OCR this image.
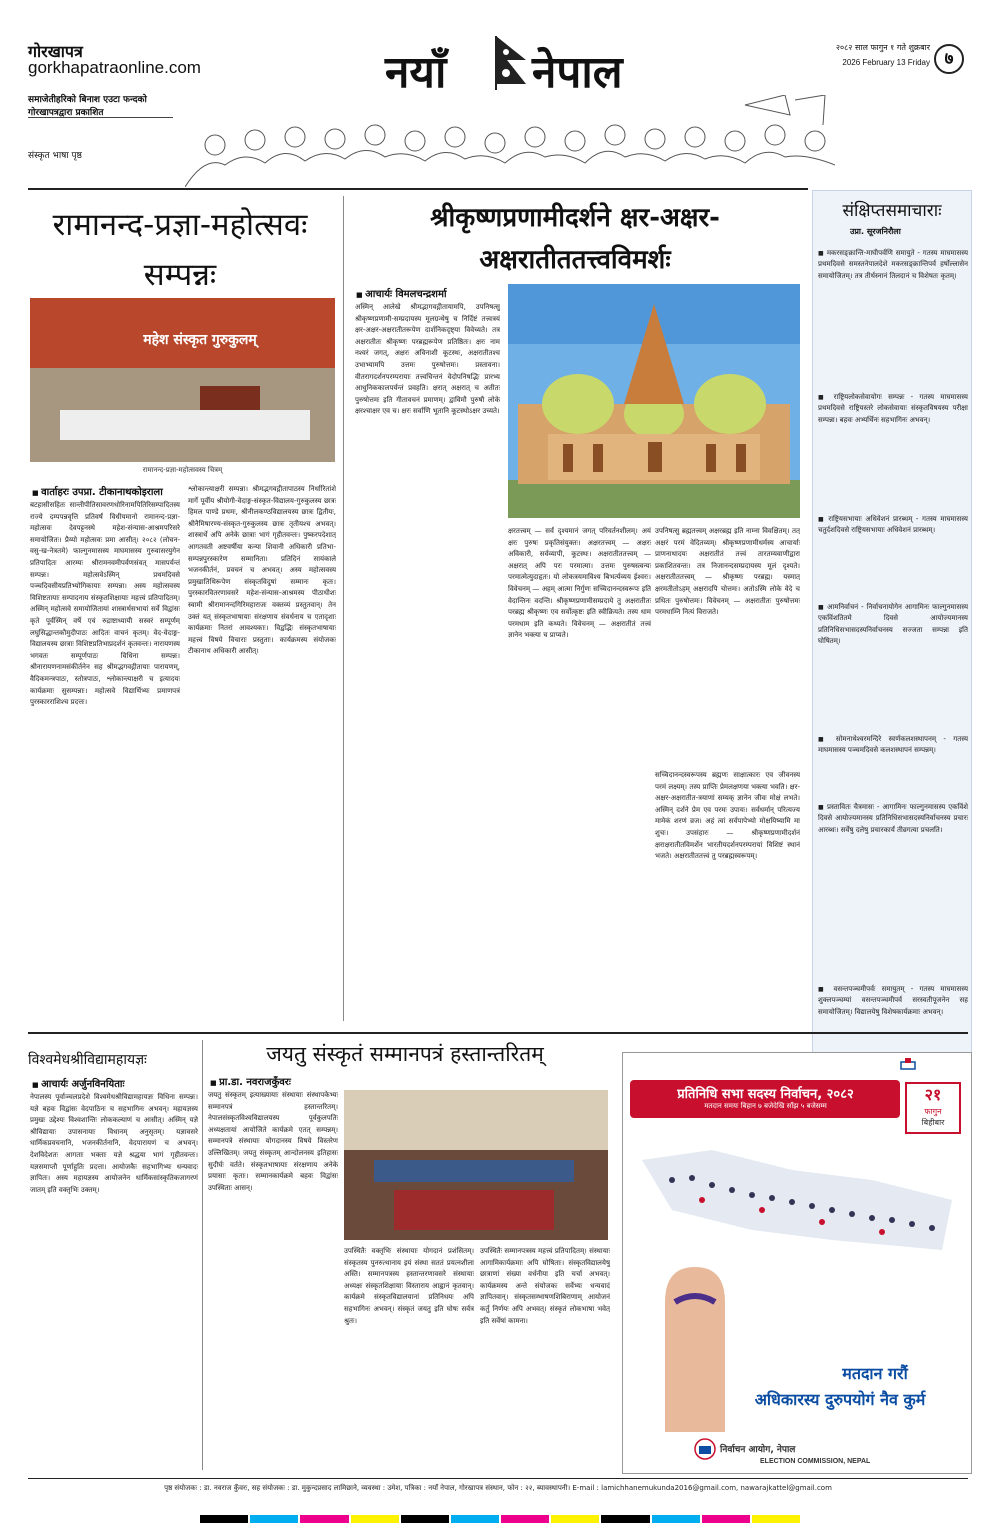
गोरखापत्र
gorkhapatraonline.com
समाजेतीहरिको बिनाश एउटा फन्दको गोरखापत्रद्वारा प्रकाशित
संस्कृत भाषा पृष्ठ
नयाँ नेपाल	२०८२ साल फागुन १ गते शुक्रबार
2026 February 13 Friday ७
रामानन्द-प्रज्ञा-महोत्सवः सम्पन्नः
महेश संस्कृत गुरुकुलम्
रामानन्द-प्रज्ञा-महोत्सवस्य चित्रम्
■ वार्ताहरः उपप्रा. टीकानाथकोइराला
बटहासीसहितः सान्तीपीतिसावरणधोरिनामपितिरिसम्पादितस्य राज्ये दम्पपन्नवृत्ति प्रतिवर्षं विधीयमानो रामानन्द-प्रज्ञा-महोत्सवः देवपट्टनस्थे महेश-संन्यास-आश्रमपरिसरे समायोजितः। प्रैय्यो महोत्सवः प्रमा आसीत्। २०८२ (लोचन-वसु-ख-नेत्रतमे) फाल्गुनमासस्य माघमासस्य गुरुवासरयुगेन प्रतिपादितः आरम्यः श्रीरामनवमीपर्वणसंवत् मासपर्यन्तं सम्पन्नः। महोत्सवेऽस्मिन् प्रथमदिवसे पञ्चदिवसीयप्रतिभ्योगिकायाः सम्पन्ना। अस्य महोत्सवस्य विशिष्टतायाः सम्पादनाय संस्कृतशिक्षायाः महत्त्वं प्रतिपादितम्। अस्मिन् महोत्सवे समायोजितायां शास्त्रार्थसभायां सर्वे विद्वांसः कृते पूर्वस्मिन् वर्षे एवं रुद्राष्टाध्यायी सस्वरं सम्पूर्णम् लघुसिद्धान्तकौमुदीपाठः आदितः वाचनं कृतम्। वेद-वेदाङ्ग-विद्यालयस्य छात्राः विशिष्टप्रतिभाप्रदर्शनं कृतवन्तः। नारायणस्य भगवतः सम्पूर्णपाठः विधिना सम्पन्नः। श्रीनारायणनामसंकीर्तनेन सह श्रीमद्भगवद्गीतायाः पारायणम्, वैदिकमन्त्रपाठः, स्तोत्रपाठः, श्लोकान्त्याक्षरी च इत्यादयः कार्यक्रमाः सुसम्पन्नाः। महोत्सवे विद्यार्थिभ्यः प्रमाणपत्रं पुरस्कारराशिश्च प्रदत्तः।
श्लोकान्त्याक्षरी सम्पन्ना। श्रीमद्भगवद्गीतापाठस्य निर्धारितांशे मार्गे पूर्वीय श्रीयोगी-वेदाङ्ग-संस्कृत-विद्यालय-गुरुकुलस्य छात्रः हिमल पाण्डे प्रथमः, श्रीनीलकण्ठविद्यालयस्य छात्रः द्वितीयः, श्रीनैमिषारण्य-संस्कृत-गुरुकुलस्य छात्रः तृतीयश्च अभवत्। शास्त्रार्थे अपि अनेके छात्राः भागं गृहीतवन्तः। पुष्करपदेशात् आगतवती अष्टवर्षीया कन्या शिवानी अधिकारी प्रतिभा-सम्पन्नपुरस्कारेण सम्मानिता। प्रतिदिनं सायंकाले भजनकीर्तनं, प्रवचनं च अभवत्। अस्य महोत्सवस्य प्रमुखातिथिरूपेण संस्कृतविदुषां सम्मानः कृतः। पुरस्कारवितरणावसरे महेश-संन्यास-आश्रमस्य पीठाधीशः स्वामी श्रीरामानन्दगिरिमहाराजः वक्तव्यं प्रस्तुतवान्। तेन उक्तं यत् संस्कृतभाषायाः संरक्षणाय संवर्धनाय च एतादृशाः कार्यक्रमाः नितरां आवश्यकाः। विद्वद्भिः संस्कृतभाषायाः महत्त्वं विषये विचाराः प्रस्तुताः। कार्यक्रमस्य संयोजकः टीकानाथ अधिकारी आसीत्।
श्रीकृष्णप्रणामीदर्शने क्षर-अक्षर-
अक्षरातीततत्त्वविमर्शः
■ आचार्यः विमलचन्द्रशर्मा
अस्मिन् आलेखे श्रीमद्भागवद्गीतायामपि, उपनिषत्सु श्रीकृष्णप्रणामी-सम्प्रदायस्य मूलग्रन्थेषु च निर्दिष्टं तत्त्वत्रयं क्षर-अक्षर-अक्षरातीतरूपेण दार्शनिकदृष्ट्या विवेच्यते। तत्र अक्षरातीतः श्रीकृष्णः परब्रह्मरूपेण प्रतिष्ठितः। क्षरः नाम नश्वरं जगत्, अक्षरः अविनाशी कूटस्थः, अक्षरातीतश्च उभाभ्यामपि उत्तमः पुरुषोत्तमः। प्रस्तावना। वीतरागदर्शनपरम्परायाः तत्त्वचिन्तनं वेदोपनिषद्भिः प्रारभ्य आधुनिककालपर्यन्तं प्रवहति। क्षरात् अक्षरात् च अतीतः पुरुषोत्तमः इति गीतावचनं प्रमाणम्। द्वाविमौ पुरुषौ लोके क्षरश्चाक्षर एव च। क्षरः सर्वाणि भूतानि कूटस्थोऽक्षर उच्यते।
क्षरतत्त्वम् — सर्वं दृश्यमानं जगत् परिवर्तनशीलम्। अयं क्षरः पुरुषः प्रकृतिसंयुक्तः। अक्षरतत्त्वम् — अक्षरः अविकारी, सर्वव्यापी, कूटस्थः। अक्षरातीततत्त्वम् — अक्षरात् अपि परः परमात्मा। उत्तमः पुरुषस्त्वन्यः परमात्मेत्युदाहृतः। यो लोकत्रयमाविश्य बिभर्त्यव्यय ईश्वरः। विवेचनम् — अहम् आत्मा निर्गुणः सच्चिदानन्दस्वरूपः इति वेदान्तिनः वदन्ति। श्रीकृष्णप्रणामीसम्प्रदाये तु अक्षरातीतः परब्रह्म श्रीकृष्णः एव सर्वोत्कृष्टः इति स्वीक्रियते। तस्य धाम परमधाम इति कथ्यते। विवेचनम् — अक्षरातीतं तत्त्वं ज्ञानेन भक्त्या च प्राप्यते।
उपनिषत्सु ब्रह्मतत्त्वम् अक्षरब्रह्म इति नाम्ना विवक्षितम्। तत् अक्षरं परमं वेदितव्यम्। श्रीकृष्णप्रणामीधर्मस्य आचार्याः प्राणनाथादयः अक्षरातीतं तत्त्वं तारतम्यवाणीद्वारा प्रकाशितवन्तः। तत्र निजानन्दसम्प्रदायस्य मूलं दृश्यते। अक्षरातीततत्त्वम् — श्रीकृष्णः परब्रह्म। यस्मात् क्षरमतीतोऽहम् अक्षरादपि चोत्तमः। अतोऽस्मि लोके वेदे च प्रथितः पुरुषोत्तमः। विवेचनम् — अक्षरातीतः पुरुषोत्तमः परमधाम्नि नित्यं विराजते।
सच्चिदानन्दस्वरूपस्य ब्रह्मणः साक्षात्कारः एव जीवनस्य परमं लक्ष्यम्। तस्य प्राप्तिः प्रेमलक्षणया भक्त्या भवति। क्षर-अक्षर-अक्षरातीत-त्रयाणां सम्यक् ज्ञानेन जीवः मोक्षं लभते। अस्मिन् दर्शने प्रेम एव परमः उपायः। सर्वधर्मान् परित्यज्य मामेकं शरणं व्रज। अहं त्वां सर्वपापेभ्यो मोक्षयिष्यामि मा शुचः। उपसंहारः — श्रीकृष्णप्रणामीदर्शनं क्षराक्षरातीतविमर्शेन भारतीयदर्शनपरम्परायां विशिष्टं स्थानं भजते। अक्षरातीततत्त्वं तु परब्रह्मस्वरूपम्।
संक्षिप्तसमाचाराः
उप्रा. सूरजनिरौला
■ मकरसङ्क्रान्ति-माघीपर्वणि समायुते - गतस्य माघमासस्य प्रथमदिवसे समस्तनेपालदेशे मकरसङ्क्रान्तिपर्व हर्षोल्लासेन समायोजितम्। तत्र तीर्थस्नानं तिलदानं च विशेषतः कृतम्।
■ राष्ट्रियलोकसेवायोगः सम्पन्नः - गतस्य माघमासस्य प्रथमदिवसे राष्ट्रियस्तरे लोकसेवायाः संस्कृतविषयस्य परीक्षा सम्पन्ना। बहवः अभ्यर्थिनः सहभागिनः अभवन्।
■ राष्ट्रियसभायाः अधिवेशनं प्रारब्धम् - गतस्य माघमासस्य चतुर्दशदिवसे राष्ट्रियसभायाः अधिवेशनं प्रारब्धम्।
■ आमनिर्वाचनं - निर्वाचनायोगेन आगामिनः फाल्गुनमासस्य एकविंशतितमे दिवसे आयोज्यमानस्य प्रतिनिधिसभासदस्यनिर्वाचनस्य सज्जता सम्पन्ना इति घोषितम्।
■ सोमनाथेश्वरमन्दिरे स्वर्णकलशस्थापनम् - गतस्य माघमासस्य पञ्चमदिवसे कलशस्थापनं सम्पन्नम्।
■ प्रस्तावितः चैत्रमासः - आगामिनः फाल्गुनमासस्य एकविंशे दिवसे आयोज्यमानस्य प्रतिनिधिसभासदस्यनिर्वाचनस्य प्रचारः आरब्धः। सर्वेषु दलेषु प्रचारकार्यं तीव्रगत्या प्रचलति।
■ वसन्तपञ्चमीपर्वः समायुतम् - गतस्य माघमासस्य शुक्लपञ्चम्यां वसन्तपञ्चमीपर्व सरस्वतीपूजनेन सह समायोजितम्। विद्यालयेषु विशेषकार्यक्रमाः अभवन्।
विश्वमेधश्रीविद्यामहायज्ञः
■ आचार्यः अर्जुनविनयिताः
नेपालस्य पूर्वाञ्चलप्रदेशे विश्वमेधश्रीविद्यामहायज्ञः विधिना सम्पन्नः। यज्ञे बहवः विद्वांसः वेदपाठिनः च सहभागिनः अभवन्। महायज्ञस्य प्रमुखः उद्देश्यः विश्वशान्तिः लोककल्याणं च आसीत्। अस्मिन् यज्ञे श्रीविद्यायाः उपासनायाः विधानम् अनुसृतम्। यज्ञावसरे धार्मिकप्रवचनानि, भजनकीर्तनानि, वेदपारायणं च अभवन्। देशविदेशतः आगताः भक्ताः यज्ञे श्रद्धया भागं गृहीतवन्तः। यज्ञसमाप्तौ पूर्णाहुतिः प्रदत्ता। आयोजकैः सहभागिभ्यः धन्यवादः ज्ञापितः। अस्य महायज्ञस्य आयोजनेन धार्मिकसांस्कृतिकजागरणं जातम् इति वक्तृभिः उक्तम्।
जयतु संस्कृतं सम्मानपत्रं हस्तान्तरितम्
■ प्रा.डा. नवराजकुँवरः
जयतु संस्कृतम् इत्याख्यायाः संस्थायाः संस्थापकेभ्यः सम्मानपत्रं हस्तान्तरितम्। नेपालसंस्कृतविश्वविद्यालयस्य पूर्वकुलपतिः अध्यक्षतायां आयोजिते कार्यक्रमे एतत् सम्पन्नम्। सम्मानपत्रे संस्थायाः योगदानस्य विषये विस्तरेण उल्लिखितम्। जयतु संस्कृतम् आन्दोलनस्य इतिहासः सुदीर्घः वर्तते। संस्कृतभाषायाः संरक्षणाय अनेके प्रयासाः कृताः। सम्मानकार्यक्रमे बहवः विद्वांसः उपस्थिताः आसन्।
उपस्थितैः वक्तृभिः संस्थायाः योगदानं प्रशंसितम्। संस्कृतस्य पुनरुत्थानाय इयं संस्था सततं प्रयत्नशीला अस्ति। सम्मानपत्रस्य हस्तान्तरणावसरे संस्थायाः अध्यक्षः संस्कृतशिक्षायाः विस्ताराय आह्वानं कृतवान्। कार्यक्रमे संस्कृतविद्यालयानां प्रतिनिधयः अपि सहभागिनः अभवन्। संस्कृतं जयतु इति घोषः सर्वत्र श्रुतः।
उपस्थितैः सम्मानपत्रस्य महत्त्वं प्रतिपादितम्। संस्थायाः आगामिकार्यक्रमाः अपि घोषिताः। संस्कृतविद्यालयेषु छात्राणां संख्या वर्धनीया इति चर्चा अभवत्। कार्यक्रमस्य अन्ते संयोजकः सर्वेभ्यः धन्यवादं ज्ञापितवान्। संस्कृतसम्भाषणशिबिराणाम् आयोजनं कर्तुं निर्णयः अपि अभवत्। संस्कृतं लोकभाषा भवेत् इति सर्वेषां कामना।
प्रतिनिधि सभा सदस्य निर्वाचन, २०८२
मतदान समयः बिहान ७ बजेदेखि साँझ ५ बजेसम्म
२१
फागुन
बिहीबार
मतदान गरौं
अधिकारस्य दुरुपयोगं नैव कुर्म
निर्वाचन आयोग, नेपाल
ELECTION COMMISSION, NEPAL
पृष्ठ संयोजकः : डा. नवराज कुँवरः, सह संयोजकः : डा. मुकुन्दप्रसाद लामिछाने, व्यवस्था : उमेश, पत्रिका : नयाँ नेपाल, गोरखापत्र संस्थान, फोन : २२, ब्यावस्थापनी। E-mail : lamichhanemukunda2016@gmail.com, nawarajkattel@gmail.com
